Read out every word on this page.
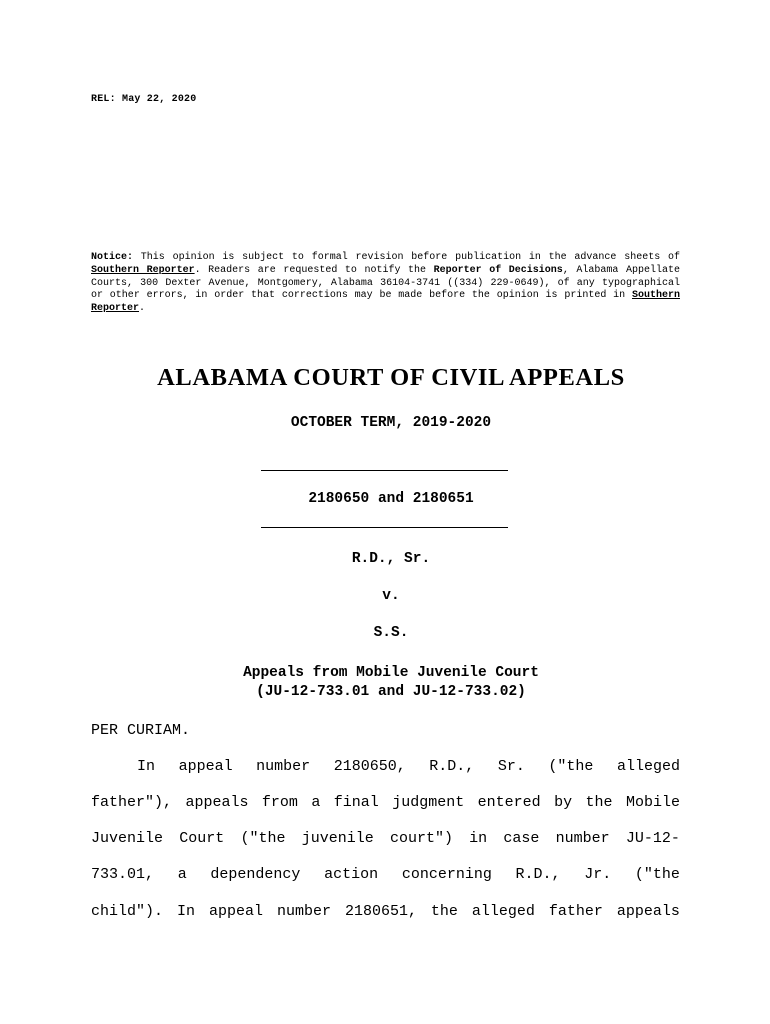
REL: May 22, 2020
Notice: This opinion is subject to formal revision before publication in the advance sheets of Southern Reporter. Readers are requested to notify the Reporter of Decisions, Alabama Appellate Courts, 300 Dexter Avenue, Montgomery, Alabama 36104-3741 ((334) 229-0649), of any typographical or other errors, in order that corrections may be made before the opinion is printed in Southern Reporter.
ALABAMA COURT OF CIVIL APPEALS
OCTOBER TERM, 2019-2020
2180650 and 2180651
R.D., Sr.
v.
S.S.
Appeals from Mobile Juvenile Court
(JU-12-733.01 and JU-12-733.02)
PER CURIAM.
In appeal number 2180650, R.D., Sr. ("the alleged
father"), appeals from a final judgment entered by the Mobile
Juvenile Court ("the juvenile court") in case number JU-12-
733.01, a dependency action concerning R.D., Jr. ("the
child"). In appeal number 2180651, the alleged father appeals
